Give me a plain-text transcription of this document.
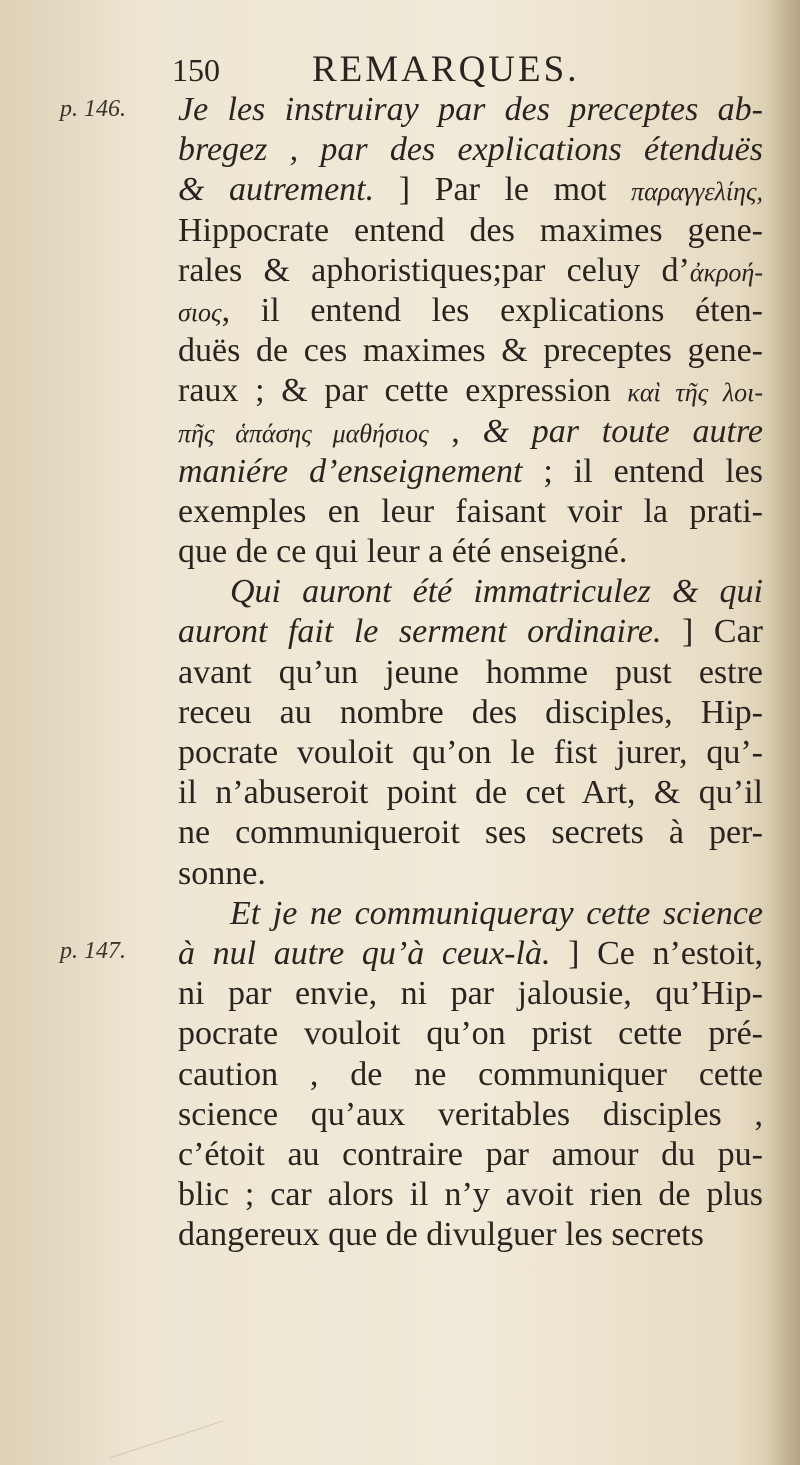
150 REMARQUES.
p. 146.
p. 147.
Je les instruiray par des preceptes ab-
bregez , par des explications étenduës
& autrement. ] Par le mot παραγγελίης,
Hippocrate entend des maximes gene-
rales & aphoristiques;par celuy d’ἀκροή-
σιος, il entend les explications éten-
duës de ces maximes & preceptes gene-
raux ; & par cette expression καὶ τῆς λοι-
πῆς ἁπάσης μαθήσιος , & par toute autre
maniére d’enseignement ; il entend les
exemples en leur faisant voir la prati-
que de ce qui leur a été enseigné.
Qui auront été immatriculez & qui
auront fait le serment ordinaire. ] Car
avant qu’un jeune homme pust estre
receu au nombre des disciples, Hip-
pocrate vouloit qu’on le fist jurer, qu’-
il n’abuseroit point de cet Art, & qu’il
ne communiqueroit ses secrets à per-
sonne.
Et je ne communiqueray cette science
à nul autre qu’à ceux-là. ] Ce n’estoit,
ni par envie, ni par jalousie, qu’Hip-
pocrate vouloit qu’on prist cette pré-
caution , de ne communiquer cette
science qu’aux veritables disciples ,
c’étoit au contraire par amour du pu-
blic ; car alors il n’y avoit rien de plus
dangereux que de divulguer les secrets
